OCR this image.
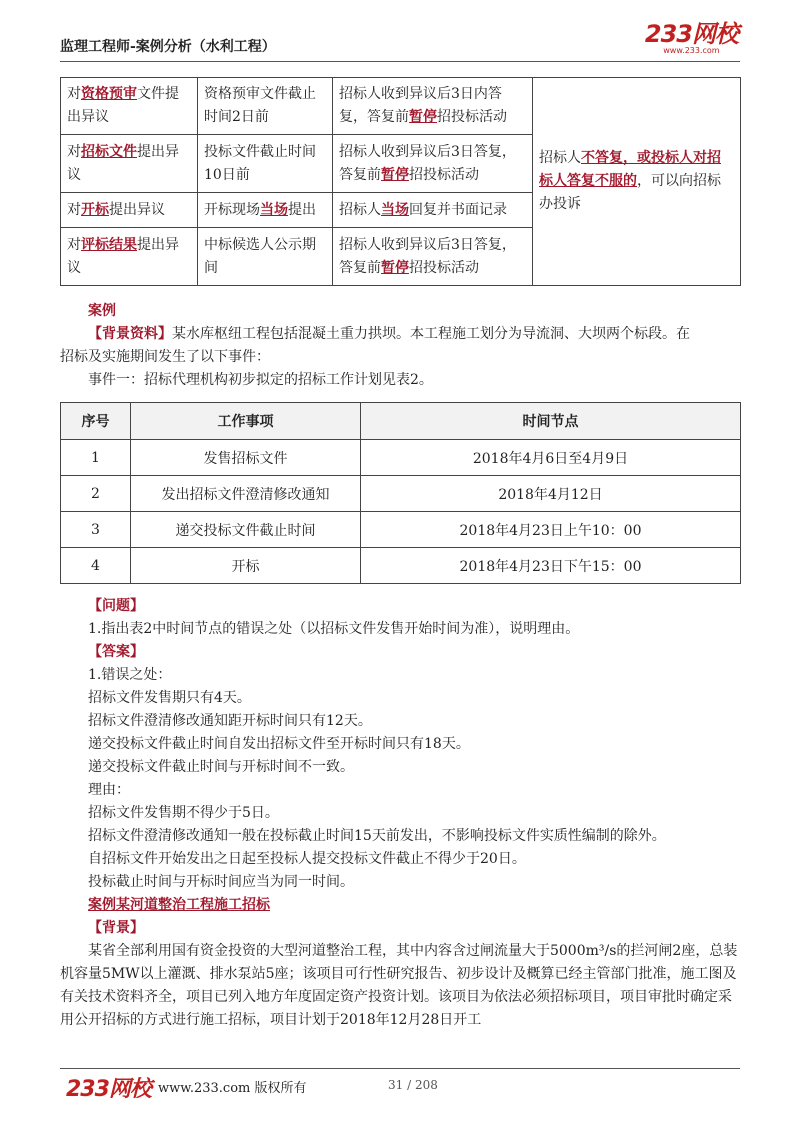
监理工程师-案例分析（水利工程）	233网校
www.233.com
对资格预审文件提出异议	资格预审文件截止时间2日前	招标人收到异议后3日内答复，答复前暂停招投标活动	招标人不答复，或投标人对招标人答复不服的，可以向招标办投诉
对招标文件提出异议	投标文件截止时间10日前	招标人收到异议后3日答复，答复前暂停招投标活动	
对开标提出异议	开标现场当场提出	招标人当场回复并书面记录	
对评标结果提出异议	中标候选人公示期间	招标人收到异议后3日答复，答复前暂停招投标活动	
案例
【背景资料】某水库枢纽工程包括混凝土重力拱坝。本工程施工划分为导流洞、大坝两个标段。在
招标及实施期间发生了以下事件：
事件一：招标代理机构初步拟定的招标工作计划见表2。
序号	工作事项	时间节点
1	发售招标文件	2018年4月6日至4月9日
2	发出招标文件澄清修改通知	2018年4月12日
3	递交投标文件截止时间	2018年4月23日上午10：00
4	开标	2018年4月23日下午15：00
【问题】
1.指出表2中时间节点的错误之处（以招标文件发售开始时间为准），说明理由。
【答案】
1.错误之处：
招标文件发售期只有4天。
招标文件澄清修改通知距开标时间只有12天。
递交投标文件截止时间自发出招标文件至开标时间只有18天。
递交投标文件截止时间与开标时间不一致。
理由：
招标文件发售期不得少于5日。
招标文件澄清修改通知一般在投标截止时间15天前发出，不影响投标文件实质性编制的除外。
自招标文件开始发出之日起至投标人提交投标文件截止不得少于20日。
投标截止时间与开标时间应当为同一时间。
案例某河道整治工程施工招标
【背景】
某省全部利用国有资金投资的大型河道整治工程，其中内容含过闸流量大于5000m³/s的拦河闸2座，总装机容量5MW以上灌溉、排水泵站5座；该项目可行性研究报告、初步设计及概算已经主管部门批准，施工图及有关技术资料齐全，项目已列入地方年度固定资产投资计划。该项目为依法必须招标项目，项目审批时确定采用公开招标的方式进行施工招标，项目计划于2018年12月28日开工
233网校 www.233.com 版权所有	31 / 208
